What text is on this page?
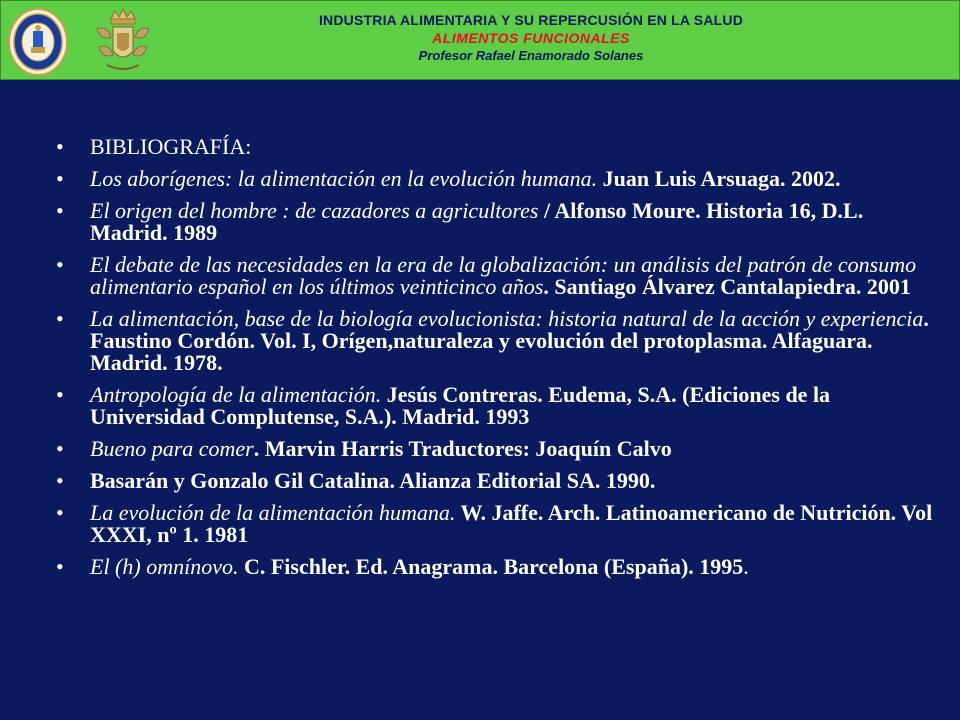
INDUSTRIA ALIMENTARIA Y SU REPERCUSIÓN EN LA SALUD
ALIMENTOS FUNCIONALES
Profesor Rafael Enamorado Solanes
• BIBLIOGRAFÍA:
• Los aborígenes: la alimentación en la evolución humana. Juan Luis Arsuaga. 2002.
• El origen del hombre : de cazadores a agricultores / Alfonso Moure. Historia 16, D.L. Madrid. 1989
• El debate de las necesidades en la era de la globalización: un análisis del patrón de consumo alimentario español en los últimos veinticinco años. Santiago Álvarez Cantalapiedra. 2001
• La alimentación, base de la biología evolucionista: historia natural de la acción y experiencia. Faustino Cordón. Vol. I, Orígen,naturaleza y evolución del protoplasma. Alfaguara. Madrid. 1978.
• Antropología de la alimentación. Jesús Contreras. Eudema, S.A. (Ediciones de la Universidad Complutense, S.A.). Madrid. 1993
• Bueno para comer. Marvin Harris Traductores: Joaquín Calvo
• Basarán y Gonzalo Gil Catalina. Alianza Editorial SA. 1990.
• La evolución de la alimentación humana. W. Jaffe. Arch. Latinoamericano de Nutrición. Vol XXXI, nº 1. 1981
• El (h) omnínovo. C. Fischler. Ed. Anagrama. Barcelona (España). 1995.
